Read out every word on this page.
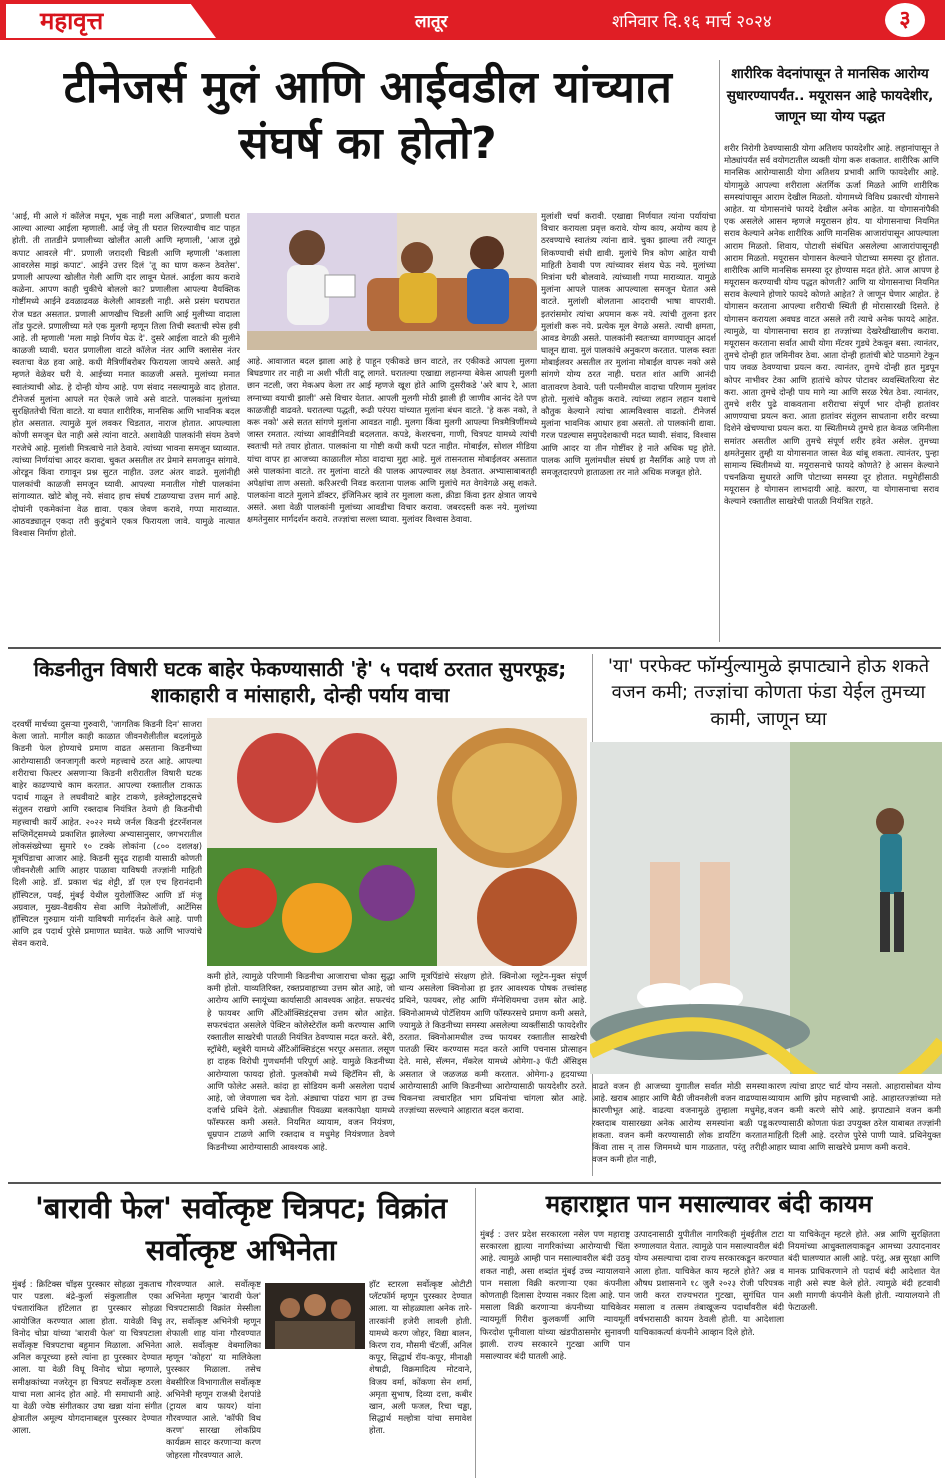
महावृत्त	लातूर	शनिवार दि.१६ मार्च २०२४	३
टीनेजर्स मुलं आणि आईवडील यांच्यात संघर्ष का होतो?
'आई, मी आले गं कॉलेज मधून, भूक नाही मला अजिबात', प्रणाली घरात आल्या आल्या आईला म्हणाली. आई जेवू ती घरात शिरल्यावीच वाट पाहत होती. ती तातडीने प्रणालीच्या खोलीत आली आणि म्हणाली, 'आज तुझे कपाट आवरले मी'. प्रणाली जरादशी चिडली आणि म्हणाली 'कशाला आवरलेस माझं कपाट'. आईने उत्तर दिलं 'तू का घाण करून ठेवतेस'. प्रणाली आपल्या खोलीत गेली आणि दार लावून घेतलं. आईला काय करावे कळेना. आपण काही चुकीचे बोललो का? प्रणालीला आपल्या वैयक्तिक गोष्टींमध्ये आईने ढवळाढवळ केलेली आवडली नाही. असे प्रसंग घराघरात रोज घडत असतात. प्रणाली आणखीच चिडली आणि आई मुलीच्या वादाला तोंड फुटले. प्रणालीच्या मते एक मुलगी म्हणून तिला तिची स्वतःची स्पेस हवी आहे. ती म्हणाली 'मला माझे निर्णय घेऊ दे'. दुसरे आईला वाटते की मुलीने काळजी घ्यावी. घरात प्रणालीला वाटते कॉलेज नंतर आणि क्लासेस नंतर स्वतःचा वेळ हवा आहे. कधी मैत्रिणींबरोबर फिरायला जायचे असते. आई म्हणते वेळेवर घरी ये. आईच्या मनात काळजी असते. मुलांच्या मनात स्वातंत्र्याची ओढ. हे दोन्ही योग्य आहे. पण संवाद नसल्यामुळे वाद होतात. टीनेजर्स मुलांना आपले मत ऐकले जावे असे वाटते. पालकांना मुलांच्या सुरक्षिततेची चिंता वाटते. या वयात शारीरिक, मानसिक आणि भावनिक बदल होत असतात. त्यामुळे मुलं लवकर चिडतात, नाराज होतात. आपल्याला कोणी समजून घेत नाही असे त्यांना वाटते. अशावेळी पालकांनी संयम ठेवणे गरजेचे आहे. मुलांशी मित्रत्वाचे नाते ठेवावे. त्यांच्या भावना समजून घ्याव्यात. त्यांच्या निर्णयांचा आदर करावा. चुकत असतील तर प्रेमाने समजावून सांगावे. ओरडून किंवा रागावून प्रश्न सुटत नाहीत. उलट अंतर वाढते. मुलांनीही पालकांची काळजी समजून घ्यावी. आपल्या मनातील गोष्टी पालकांना सांगाव्यात. खोटे बोलू नये. संवाद हाच संघर्ष टाळण्याचा उत्तम मार्ग आहे. दोघांनी एकमेकांना वेळ द्यावा. एकत्र जेवण करावे, गप्पा माराव्यात. आठवड्यातून एकदा तरी कुटुंबाने एकत्र फिरायला जावे. यामुळे नात्यात विश्वास निर्माण होतो.
आहे. आवाजात बदल झाला आहे हे पाहून एकीकडे छान वाटते, तर एकीकडे आपला मुलगा बिघडणार तर नाही ना अशी भीती वाटू लागते. घरातल्या एखाद्या लहानग्या बेकेस आपली मुलगी छान नटली, जरा मेकअप केला तर आई म्हणजे खूश होते आणि दुसरीकडे 'अरे बाप रे, आता लग्नाच्या वयाची झाली' असे विचार येतात. आपली मुलगी मोठी झाली ही जाणीव आनंद देते पण काळजीही वाढवते. घरातल्या पद्धती, रूढी परंपरा यांच्यात मुलांना बंधन वाटते. 'हे करू नको, ते करू नको' असे सतत सांगणे मुलांना आवडत नाही. मुलगा किंवा मुलगी आपल्या मित्रमैत्रिणींमध्ये जास्त रमतात. त्यांच्या आवडीनिवडी बदलतात. कपडे, केशरचना, गाणी, चित्रपट यामध्ये त्यांची स्वतःची मते तयार होतात. पालकांना या गोष्टी कधी कधी पटत नाहीत. मोबाईल, सोशल मीडिया यांचा वापर हा आजच्या काळातील मोठा वादाचा मुद्दा आहे. मुलं तासनतास मोबाईलवर असतात असे पालकांना वाटते. तर मुलांना वाटते की पालक आपल्यावर लक्ष ठेवतात. अभ्यासाबाबतही अपेक्षांचा ताण असतो. करिअरची निवड करताना पालक आणि मुलांचे मत वेगवेगळे असू शकते. पालकांना वाटते मुलाने डॉक्टर, इंजिनिअर व्हावे तर मुलाला कला, क्रीडा किंवा इतर क्षेत्रात जायचे असते. अशा वेळी पालकांनी मुलांच्या आवडीचा विचार करावा. जबरदस्ती करू नये. मुलांच्या क्षमतेनुसार मार्गदर्शन करावे. तज्ज्ञांचा सल्ला घ्यावा. मुलांवर विश्वास ठेवावा.
मुलांशी चर्चा करावी. एखाद्या निर्णयात त्यांना पर्यायांचा विचार करायला प्रवृत्त करावे. योग्य काय, अयोग्य काय हे ठरवण्याचे स्वातंत्र्य त्यांना द्यावे. चुका झाल्या तरी त्यातून शिकण्याची संधी द्यावी. मुलांचे मित्र कोण आहेत याची माहिती ठेवावी पण त्यांच्यावर संशय घेऊ नये. मुलांच्या मित्रांना घरी बोलवावे. त्यांच्याशी गप्पा माराव्यात. यामुळे मुलांना आपले पालक आपल्याला समजून घेतात असे वाटते. मुलांशी बोलताना आदराची भाषा वापरावी. इतरांसमोर त्यांचा अपमान करू नये. त्यांची तुलना इतर मुलांशी करू नये. प्रत्येक मूल वेगळे असते. त्याची क्षमता, आवड वेगळी असते. पालकांनी स्वतःच्या वागण्यातून आदर्श घालून द्यावा. मुलं पालकांचे अनुकरण करतात. पालक स्वतः मोबाईलवर असतील तर मुलांना मोबाईल वापरू नको असे सांगणे योग्य ठरत नाही. घरात शांत आणि आनंदी वातावरण ठेवावे. पती पत्नीमधील वादाचा परिणाम मुलांवर होतो. मुलांचे कौतुक करावे. त्यांच्या लहान लहान यशाचे कौतुक केल्याने त्यांचा आत्मविश्वास वाढतो. टीनेजर्स मुलांना भावनिक आधार हवा असतो. तो पालकांनी द्यावा. गरज पडल्यास समुपदेशकाची मदत घ्यावी. संवाद, विश्वास आणि आदर या तीन गोष्टींवर हे नाते अधिक घट्ट होते. पालक आणि मुलांमधील संघर्ष हा नैसर्गिक आहे पण तो समजूतदारपणे हाताळला तर नाते अधिक मजबूत होते.
शारीरिक वेदनांपासून ते मानसिक आरोग्य सुधारण्यापर्यंत.. मयूरासन आहे फायदेशीर, जाणून घ्या योग्य पद्धत
शरीर निरोगी ठेवण्यासाठी योगा अतिशय फायदेशीर आहे. लहानांपासून ते मोठ्यांपर्यंत सर्व वयोगटातील व्यक्ती योगा करू शकतात. शारीरिक आणि मानसिक आरोग्यासाठी योगा अतिशय प्रभावी आणि फायदेशीर आहे. योगामुळे आपल्या शरीराला अंतर्गिक ऊर्जा मिळते आणि शारीरिक समस्यांपासून आराम देखील मिळतो. योगामध्ये विविध प्रकारची योगासने आहेत. या योगासनांचे फायदे देखील अनेक आहेत. या योगासनांपैकी एक असलेले आसन म्हणजे मयूरासन होय. या योगासनाचा नियमित सराव केल्याने अनेक शारीरिक आणि मानसिक आजारांपासून आपल्याला आराम मिळतो. शिवाय, पोटाशी संबंधित असलेल्या आजारांपासूनही आराम मिळतो. मयूरासन योगासन केल्याने पोटाच्या समस्या दूर होतात. शारीरिक आणि मानसिक समस्या दूर होण्यास मदत होते. आज आपण हे मयूरासन करण्याची योग्य पद्धत कोणती? आणि या योगासनाचा नियमित सराव केल्याने होणारे फायदे कोणते आहेत? ते जाणून घेणार आहोत. हे योगासन करताना आपल्या शरीराची स्थिती ही मोरासारखी दिसते. हे योगासन करायला अवघड वाटत असले तरी त्याचे अनेक फायदे आहेत. त्यामुळे, या योगासनाचा सराव हा तज्ज्ञांच्या देखरेखीखालीच करावा. मयूरासन करताना सर्वात आधी योगा मॅटवर गुडघे टेकवून बसा. त्यानंतर, तुमचे दोन्ही हात जमिनीवर ठेवा. आता दोन्ही हातांची बोटे पाठमागे टेकून पाय जवळ ठेवण्याचा प्रयत्न करा. त्यानंतर, तुमचे दोन्ही हात मुडपून कोपर नाभीवर टेका आणि हातांचे कोपर पोटावर व्यवस्थितरित्या सेट करा. आता तुमचे दोन्ही पाय मागे न्या आणि सरळ रेषेत ठेवा. त्यानंतर, तुमचे शरीर पुढे वाकवताना शरीराचा संपूर्ण भार दोन्ही हातांवर आणण्याचा प्रयत्न करा. आता हातांवर संतुलन साधताना शरीर वरच्या दिशेने खेचण्याचा प्रयत्न करा. या स्थितीमध्ये तुमचे हात केवळ जमिनीला समांतर असतील आणि तुमचे संपूर्ण शरीर हवेत असेल. तुमच्या क्षमतेनुसार तुम्ही या योगासनात जास्त वेळ थांबू शकता. त्यानंतर, पुन्हा सामान्य स्थितीमध्ये या. मयूरासनाचे फायदे कोणते? हे आसन केल्याने पचनक्रिया सुधारते आणि पोटाच्या समस्या दूर होतात. मधुमेहींसाठी मयूरासन हे योगासन लाभदायी आहे. कारण, या योगासनाचा सराव केल्याने रक्तातील साखरेची पातळी नियंत्रित राहते.
किडनीतुन विषारी घटक बाहेर फेकण्यासाठी 'हे' ५ पदार्थ ठरतात सुपरफूड; शाकाहारी व मांसाहारी, दोन्ही पर्याय वाचा
दरवर्षी मार्चच्या दुसऱ्या गुरुवारी, 'जागतिक किडनी दिन' साजरा केला जातो. मागील काही काळात जीवनशैलीतील बदलांमुळे किडनी फेल होण्याचे प्रमाण वाढत असताना किडनीच्या आरोग्यासाठी जनजागृती करणे महत्त्वाचे ठरत आहे. आपल्या शरीराचा फिल्टर असणाऱ्या किडनी शरीरातील विषारी घटक बाहेर काढण्याचे काम करतात. आपल्या रक्तातील टाकाऊ पदार्थ गाळून ते लघवीवाटे बाहेर टाकणे, इलेक्ट्रोलाइट्सचे संतुलन राखणे आणि रक्तदाब नियंत्रित ठेवणे ही किडनीची महत्त्वाची कार्ये आहेत. २०२२ मध्ये जर्नल किडनी इंटरनॅशनल सप्लिमेंट्समध्ये प्रकाशित झालेल्या अभ्यासानुसार, जगभरातील लोकसंख्येच्या सुमारे १० टक्के लोकांना (८०० दशलक्ष) मूत्रपिंडाचा आजार आहे. किडनी सुदृढ राहावी यासाठी कोणती जीवनशैली आणि आहार पाळावा याविषयी तज्ज्ञांनी माहिती दिली आहे. डॉ. प्रकाश चंद्र शेट्टी, डॉ एल एच हिरानंदानी हॉस्पिटल, पवई, मुंबई येथील युरोलॉजिस्ट आणि डॉ मंजू अग्रवाल, मुख्य-वैद्यकीय सेवा आणि नेफ्रोलॉजी, आर्टेमिस हॉस्पिटल गुरुग्राम यांनी याविषयी मार्गदर्शन केले आहे. पाणी आणि द्रव पदार्थ पुरेसे प्रमाणात घ्यावेत. फळे आणि भाज्यांचे सेवन करावे.
कमी होते, त्यामुळे परिणामी किडनीचा आजाराचा धोका सुद्धा कमी होतो. याव्यतिरिक्त, रक्तप्रवाहाच्या उत्तम स्रोत आहे, जो आरोग्य आणि स्नायूंच्या कार्यासाठी आवश्यक आहेत. सफरचंद हे फायबर आणि अँटिऑक्सिडंट्सचा उत्तम स्रोत आहेत. सफरचंदात असलेले पेक्टिन कोलेस्टेरॉल कमी करण्यास आणि रक्तातील साखरेची पातळी नियंत्रित ठेवण्यास मदत करते. बेरी, स्ट्रॉबेरी, ब्लूबेरी यामध्ये अँटिऑक्सिडंट्स भरपूर असतात. लसूण हा दाहक विरोधी गुणधर्मांनी परिपूर्ण आहे. यामुळे किडनीच्या आरोग्याला फायदा होतो. फुलकोबी मध्ये व्हिटॅमिन सी, के आणि फोलेट असते. कांदा हा सोडियम कमी असलेला पदार्थ आहे, जो जेवणाला चव देतो. अंड्याचा पांढरा भाग हा उच्च दर्जाचे प्रथिने देतो. अंड्यातील पिवळ्या बलकापेक्षा यामध्ये फॉस्फरस कमी असते. नियमित व्यायाम, वजन नियंत्रण, धूम्रपान टाळणे आणि रक्तदाब व मधुमेह नियंत्रणात ठेवणे किडनीच्या आरोग्यासाठी आवश्यक आहे.
आणि मूत्रपिंडांचे संरक्षण होते. क्विनोआ ग्लूटेन-मुक्त संपूर्ण धान्य असलेला क्विनोआ हा इतर आवश्यक पोषक तत्त्वांसह प्रथिने, फायबर, लोह आणि मॅग्नेशियमचा उत्तम स्रोत आहे. क्विनोआमध्ये पोटॅशियम आणि फॉस्फरसचे प्रमाण कमी असते, ज्यामुळे ते किडनीच्या समस्या असलेल्या व्यक्तींसाठी फायदेशीर ठरतात. क्विनोआमधील उच्च फायबर रक्तातील साखरेची पातळी स्थिर करण्यास मदत करते आणि पचनास प्रोत्साहन देते. मासे, सॅल्मन, मॅकरेल यामध्ये ओमेगा-३ फॅटी ॲसिड्स असतात जे जळजळ कमी करतात. ओमेगा-३ हृदयाच्या आरोग्यासाठी आणि किडनीच्या आरोग्यासाठी फायदेशीर ठरते. चिकनचा त्वचारहित भाग प्रथिनांचा चांगला स्रोत आहे. तज्ज्ञांच्या सल्ल्याने आहारात बदल करावा.
'या' परफेक्ट फॉर्म्युल्यामुळे झपाट्याने होऊ शकते वजन कमी; तज्ज्ञांचा कोणता फंडा येईल तुमच्या कामी, जाणून घ्या
वाढते वजन ही आजच्या युगातील सर्वात मोठी समस्या आहे. खराब आहार आणि बैठी जीवनशैली वजन वाढण्यास कारणीभूत आहे. वाढत्या वजनामुळे तुम्हाला मधुमेह, रक्तदाब यासारख्या अनेक आरोग्य समस्यांना बळी पडू शकता. वजन कमी करण्यासाठी लोक डायटिंग करतात किंवा तास न् तास जिममध्ये घाम गाळतात, परंतु तरीही वजन कमी होत नाही,
कारण त्यांचा डाएट चार्ट योग्य नसतो. आहारासोबत योग्य व्यायाम आणि झोप महत्त्वाची आहे. आहारतज्ज्ञांच्या मते वजन कमी करणे सोपे आहे. झपाट्याने वजन कमी करण्यासाठी कोणता फंडा उपयुक्त ठरेल याबाबत तज्ज्ञांनी माहिती दिली आहे. दररोज पुरेसे पाणी प्यावे. प्रथिनेयुक्त आहार घ्यावा आणि साखरेचे प्रमाण कमी करावे.
'बारावी फेल' सर्वोत्कृष्ट चित्रपट; विक्रांत सर्वोत्कृष्ट अभिनेता
मुंबई : क्रिटिक्स चॉइस पुरस्कार सोहळा नुकताच पार पडला. बंद्रे-कुर्ला संकुलातील एका पंचतारांकित हॉटेलात हा पुरस्कार सोहळा आयोजित करण्यात आला होता. यावेळी विधू विनोद चोप्रा यांच्या 'बारावी फेल' या चित्रपटाला सर्वोत्कृष्ट चित्रपटाचा बहुमान मिळाला. अभिनेता अनिल कपूरच्या हस्ते त्यांना हा पुरस्कार देण्यात आला. या वेळी विधू विनोद चोप्रा म्हणाले, समीक्षकांच्या नजरेतून हा चित्रपट सर्वोत्कृष्ट ठरला याचा मला आनंद होत आहे. मी समाधानी आहे. या वेळी ज्येष्ठ संगीतकार उषा खन्ना यांना संगीत क्षेत्रातील अमूल्य योगदानाबद्दल पुरस्कार देण्यात आला.
गौरवण्यात आले. सर्वोत्कृष्ट अभिनेता म्हणून 'बारावी फेल' चित्रपटासाठी विक्रांत मेस्सीला तर, सर्वोत्कृष्ट अभिनेत्री म्हणून शेफाली शाह यांना गौरवण्यात आले. सर्वोत्कृष्ट वेबमालिका म्हणून 'कोहरा' या मालिकेला पुरस्कार मिळाला. तसेच वेबसीरिज विभागातील सर्वोत्कृष्ट अभिनेत्री म्हणून राजश्री देशपांडे (ट्रायल बाय फायर) यांना गौरवण्यात आले. 'कॉफी विथ करण' सारखा लोकप्रिय कार्यक्रम सादर करणाऱ्या करण जोहरला गौरवण्यात आले.
हॉट स्टारला सर्वोत्कृष्ट ओटीटी प्लॅटफॉर्म म्हणून पुरस्कार देण्यात आला. या सोहळ्याला अनेक तारे-तारकांनी हजेरी लावली होती. यामध्ये करण जोहर, विद्या बालन, किरण राव, मौसमी चॅटर्जी, अनिल कपूर, सिद्धार्थ रॉय-कपूर, मीनाक्षी शेषाद्री, विक्रमादित्य मोटवाने, विजय वर्मा, कोंकणा सेन शर्मा, अमृता सुभाष, दिव्या दत्ता, कबीर खान, अली फजल, रिचा चड्ढा, सिद्धार्थ मल्होत्रा यांचा समावेश होता.
महाराष्ट्रात पान मसाल्यावर बंदी कायम
मुंबई : उत्तर प्रदेश सरकारला नसेल पण महाराष्ट्र सरकारला ह्यात्या नागरिकांच्या आरोग्याची चिंता आहे. त्यामुळे आम्ही पान मसाल्यावरील बंदी उठवू शकत नाही, असा शब्दांत मुंबई उच्च न्यायालयाने पान मसाला विक्री करणाऱ्या एका कंपनीला कोणताही दिलासा देण्यास नकार दिला आहे. पान मसाला विक्री करणाऱ्या कंपनीच्या याचिकेवर न्यायमूर्ती गिरीश कुलकर्णी आणि न्यायमूर्ती फिरदोश पूनीवाला यांच्या खंडपीठासमोर सुनावणी झाली. राज्य सरकारने गुटखा आणि पान मसाल्यावर बंदी घातली आहे.
उत्पादनासाठी युपीतील नागरिकही मुंबईतील टाटा रुग्णालयात येतात. त्यामुळे पान मसाल्यावरील बंदी योग्य असल्याचा दावा राज्य सरकारकडून करण्यात आला होता. याचिकेत काय म्हटले होते? अन्न व औषध प्रशासनाने १८ जुलै २०२३ रोजी परिपत्रक जारी करत राज्यभरात गुटखा, सुगंधित पान मसाला व तत्सम तंबाखूजन्य पदार्थांवरील बंदी वर्षभरासाठी कायम ठेवली होती. या आदेशाला याचिकाकर्त्या कंपनीने आव्हान दिले होते.
या याचिकेतून म्हटले होते. अन्न आणि सुरक्षितता नियमांच्या आधुक्तालयाकडून आमच्या उत्पादनावर बंदी घालण्यात आली आहे. परंतु, अन्न सुरक्षा आणि मानक प्राधिकरणाने तो पदार्थ बंदी आदेशात येत नाही असे स्पष्ट केले होते. त्यामुळे बंदी हटवावी अशी मागणी कंपनीने केली होती. न्यायालयाने ती फेटाळली.
